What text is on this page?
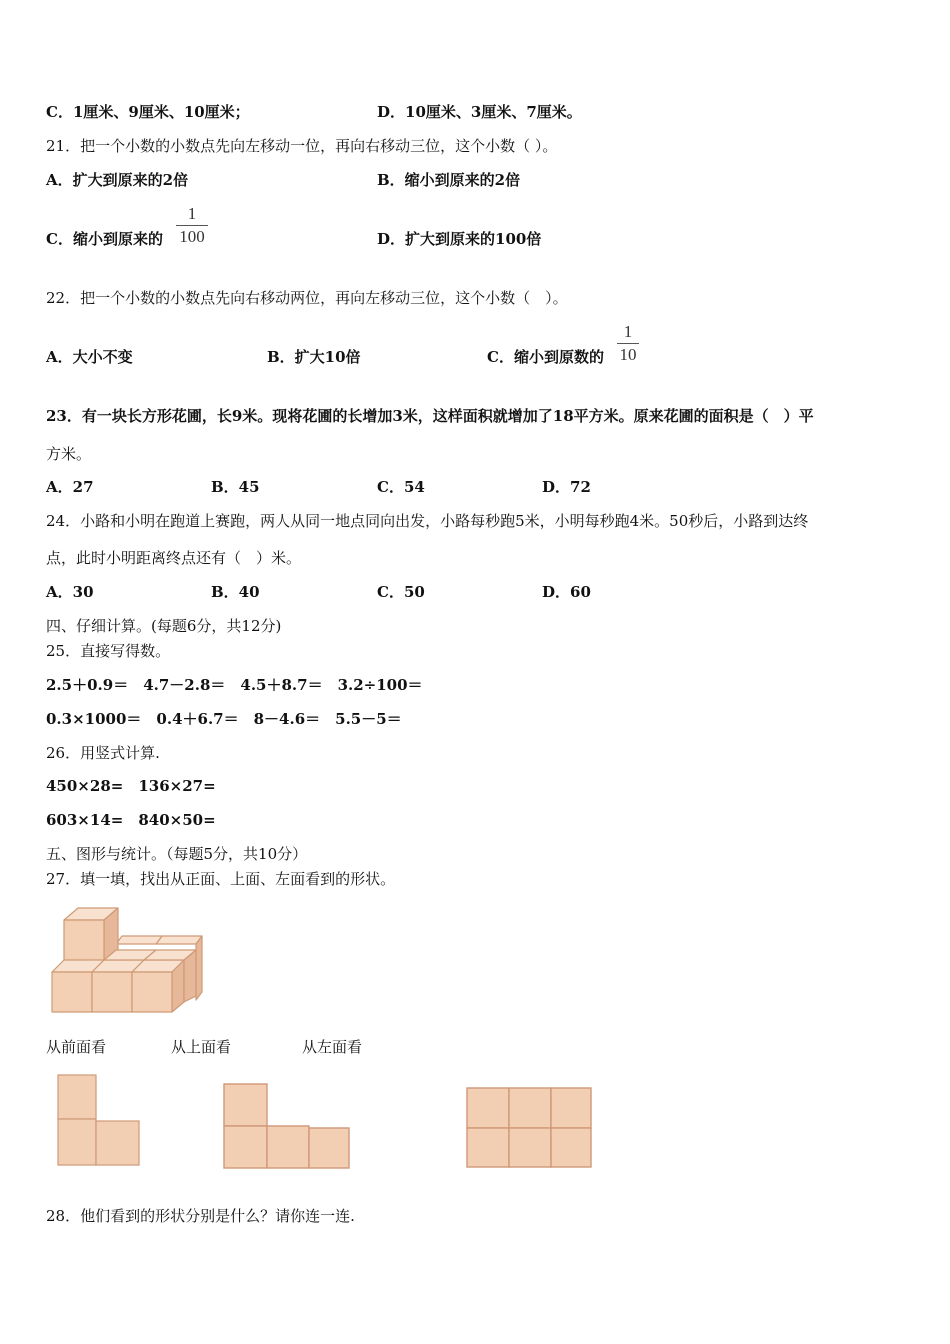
C．1厘米、9厘米、10厘米；	D．10厘米、3厘米、7厘米。
21．把一个小数的小数点先向左移动一位，再向右移动三位，这个小数（ ）。
A．扩大到原来的2倍	B．缩小到原来的2倍
C．缩小到原来的
1
100	D．扩大到原来的100倍
22．把一个小数的小数点先向右移动两位，再向左移动三位，这个小数（　）。
A．大小不变	B．扩大10倍	C．缩小到原数的
1
10
23．有一块长方形花圃，长9米。现将花圃的长增加3米，这样面积就增加了18平方米。原来花圃的面积是（　）平
方米。
A．27	B．45	C．54	D．72
24．小路和小明在跑道上赛跑，两人从同一地点同向出发，小路每秒跑5米，小明每秒跑4米。50秒后，小路到达终
点，此时小明距离终点还有（　）米。
A．30	B．40	C．50	D．60
四、仔细计算。(每题6分，共12分)
25．直接写得数。
2.5＋0.9＝　4.7－2.8＝　4.5＋8.7＝　3.2÷100＝
0.3×1000＝　0.4＋6.7＝　8－4.6＝　5.5－5＝
26．用竖式计算.
450×28=　136×27=
603×14=　840×50=
五、图形与统计。（每题5分，共10分）
27．填一填，找出从正面、上面、左面看到的形状。
从前面看	从上面看	从左面看
28．他们看到的形状分别是什么？请你连一连.
